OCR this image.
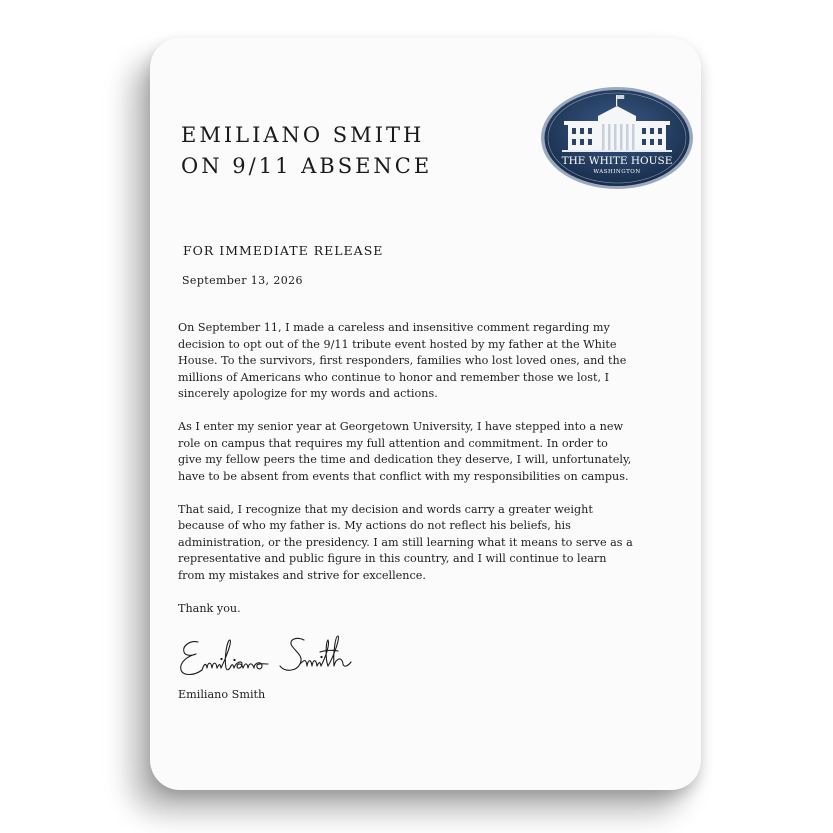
EMILIANO SMITH
ON 9/11 ABSENCE	THE WHITE HOUSE
WASHINGTON
FOR IMMEDIATE RELEASE
September 13, 2026

On September 11, I made a careless and insensitive comment regarding my
decision to opt out of the 9/11 tribute event hosted by my father at the White
House. To the survivors, first responders, families who lost loved ones, and the
millions of Americans who continue to honor and remember those we lost, I
sincerely apologize for my words and actions.

As I enter my senior year at Georgetown University, I have stepped into a new
role on campus that requires my full attention and commitment. In order to
give my fellow peers the time and dedication they deserve, I will, unfortunately,
have to be absent from events that conflict with my responsibilities on campus.

That said, I recognize that my decision and words carry a greater weight
because of who my father is. My actions do not reflect his beliefs, his
administration, or the presidency. I am still learning what it means to serve as a
representative and public figure in this country, and I will continue to learn
from my mistakes and strive for excellence.

Thank you.
Emiliano Smith
